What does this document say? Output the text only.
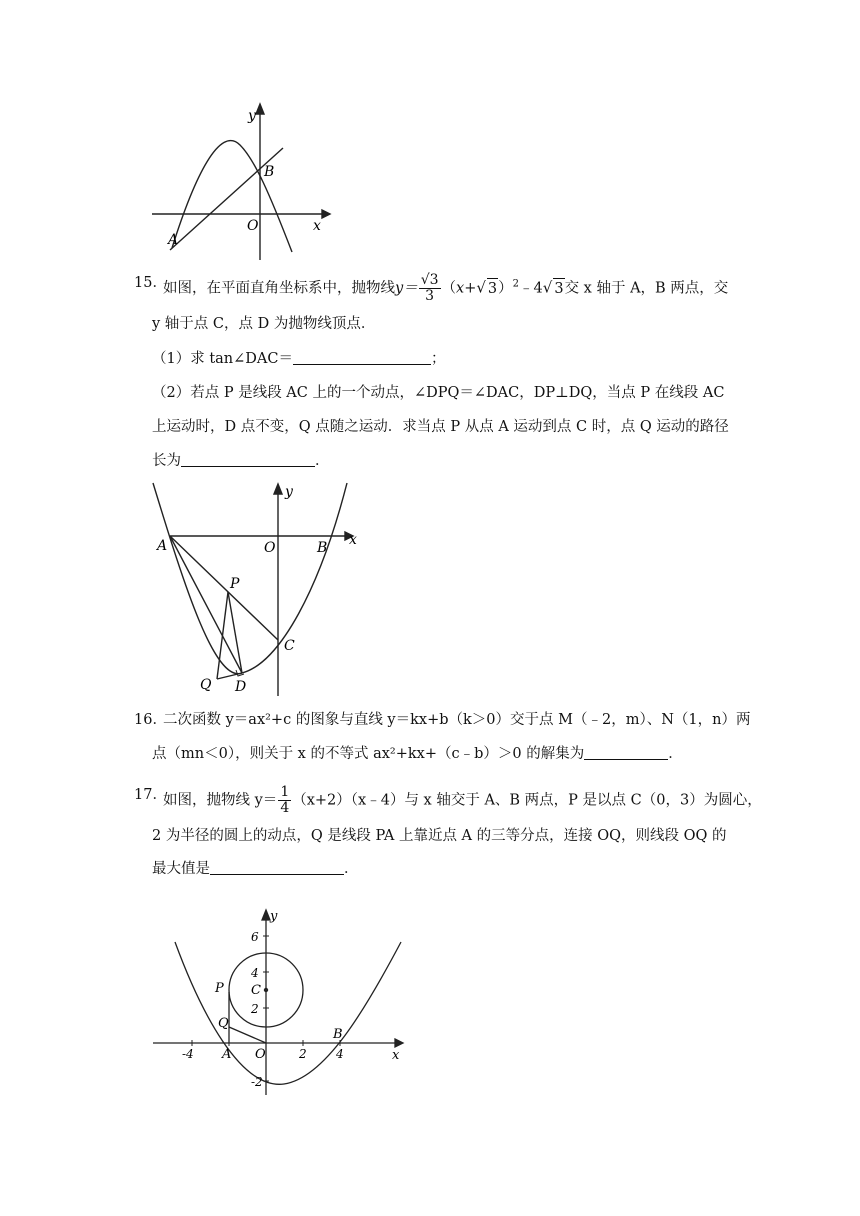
y
x
B
O
A
15．
如图，在平面直角坐标系中，抛物线$y= \frac{√3}{3} (x+√$ 3）$^2$﹣4√ 3交 x 轴于 A，B 两点，交
y 轴于点 C，点 D 为抛物线顶点．
（1）求 tan∠DAC＝	；
（2）若点 P 是线段 AC 上的一个动点，∠DPQ＝∠DAC，DP⊥DQ，当点 P 在线段 AC
上运动时，D 点不变，Q 点随之运动．求当点 P 从点 A 运动到点 C 时，点 Q 运动的路径
长为	．
y
x
A	O	B
P
C
Q D
16．
二次函数 y＝ax²+c 的图象与直线 y＝kx+b（k＞0）交于点 M（﹣2，m）、N（1，n）两
点（mn＜0），则关于 x 的不等式 ax²+kx+（c﹣b）＞0 的解集为	．
17．
如图，抛物线 $y= \frac{1}{4}$ （x+2）（x﹣4）与 x 轴交于 A、B 两点，P 是以点 C（0，3）为圆心，
2 为半径的圆上的动点，Q 是线段 PA 上靠近点 A 的三等分点，连接 OQ，则线段 OQ 的
最大值是	．
y
x
P C
Q
A O
B
6
4
2
-4	2 4
-2
